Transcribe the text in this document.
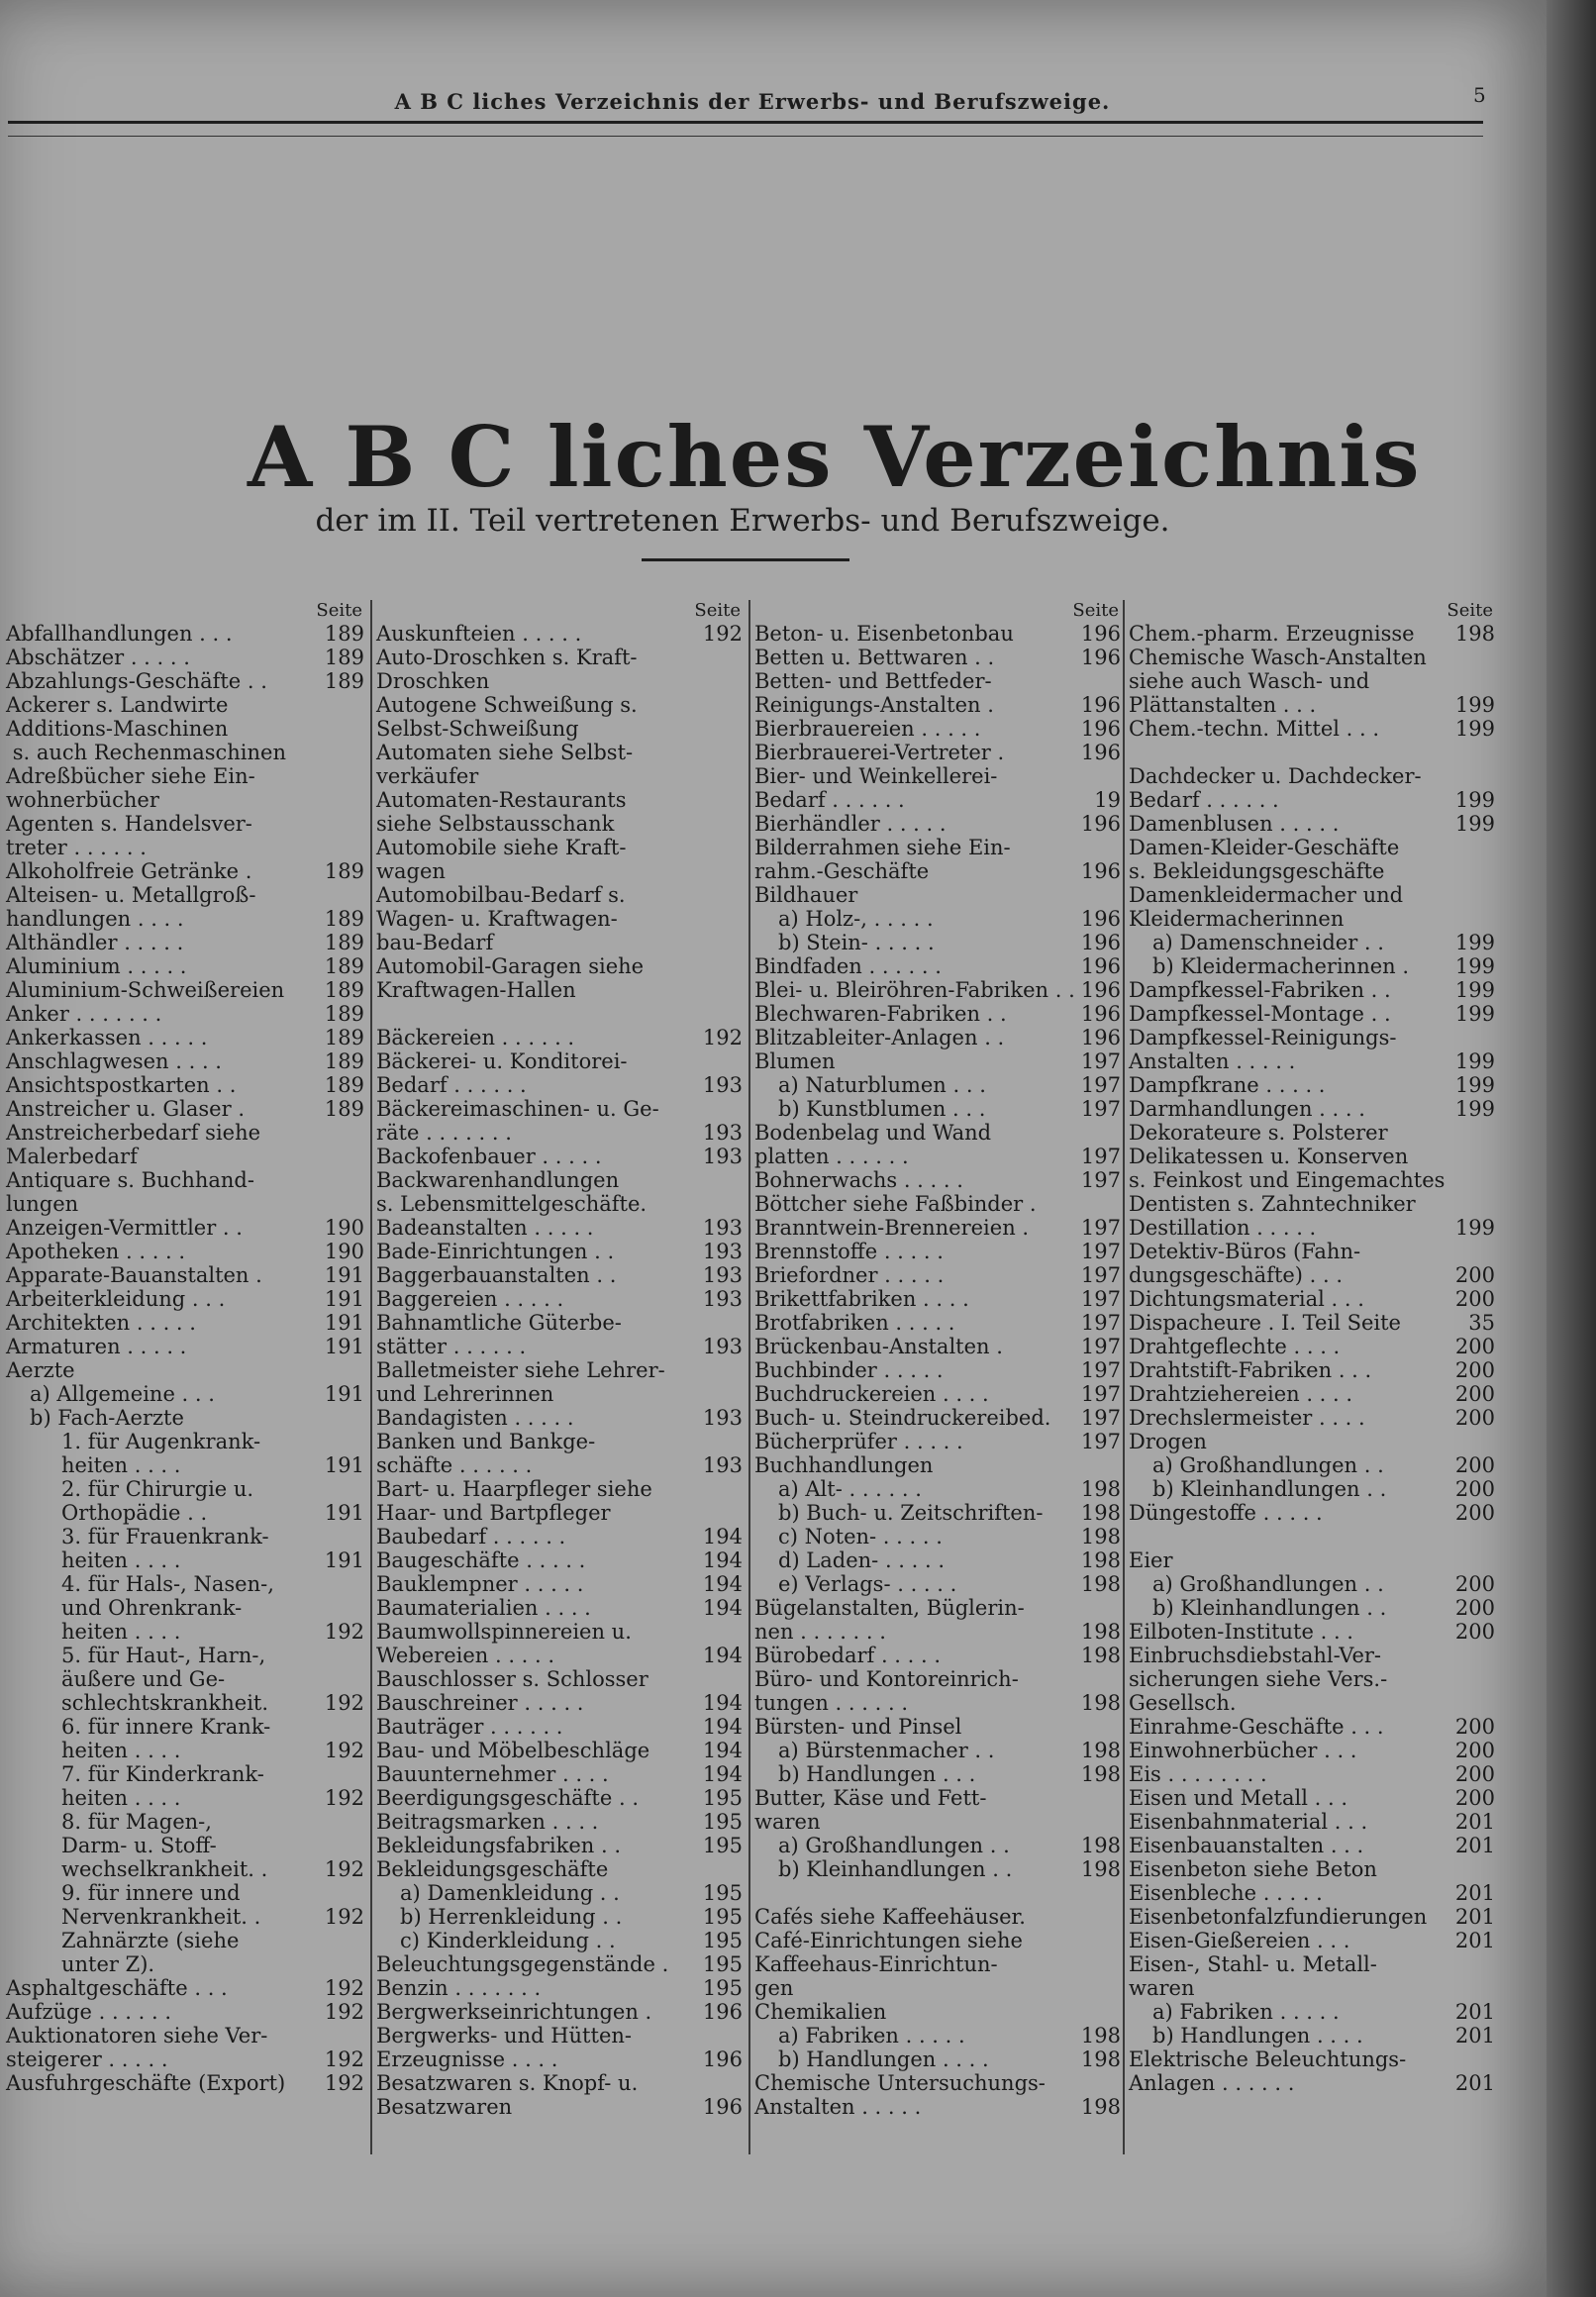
A B C liches Verzeichnis der Erwerbs- und Berufszweige.	5
A B C liches Verzeichnis
der im II. Teil vertretenen Erwerbs- und Berufszweige.
Seite
Abfallhandlungen . . .	189
Abschätzer . . . . .	189
Abzahlungs-Geschäfte . .	189
Ackerer s. Landwirte
Additions-Maschinen
s. auch Rechenmaschinen
Adreßbücher siehe Ein-
wohnerbücher
Agenten s. Handelsver-
treter . . . . . .
Alkoholfreie Getränke .	189
Alteisen- u. Metallgroß-
handlungen . . . .	189
Althändler . . . . .	189
Aluminium . . . . .	189
Aluminium-Schweißereien	189
Anker . . . . . . .	189
Ankerkassen . . . . .	189
Anschlagwesen . . . .	189
Ansichtspostkarten . .	189
Anstreicher u. Glaser .	189
Anstreicherbedarf siehe
Malerbedarf
Antiquare s. Buchhand-
lungen
Anzeigen-Vermittler . .	190
Apotheken . . . . .	190
Apparate-Bauanstalten .	191
Arbeiterkleidung . . .	191
Architekten . . . . .	191
Armaturen . . . . .	191
Aerzte
a) Allgemeine . . .	191
b) Fach-Aerzte
1. für Augenkrank-
heiten . . . .	191
2. für Chirurgie u.
Orthopädie . .	191
3. für Frauenkrank-
heiten . . . .	191
4. für Hals-, Nasen-,
und Ohrenkrank-
heiten . . . .	192
5. für Haut-, Harn-,
äußere und Ge-
schlechtskrankheit.	192
6. für innere Krank-
heiten . . . .	192
7. für Kinderkrank-
heiten . . . .	192
8. für Magen-,
Darm- u. Stoff-
wechselkrankheit. .	192
9. für innere und
Nervenkrankheit. .	192
Zahnärzte (siehe
unter Z).
Asphaltgeschäfte . . .	192
Aufzüge . . . . . .	192
Auktionatoren siehe Ver-
steigerer . . . . .	192
Ausfuhrgeschäfte (Export)	192
Seite
Auskunfteien . . . . .	192
Auto-Droschken s. Kraft-
Droschken
Autogene Schweißung s.
Selbst-Schweißung
Automaten siehe Selbst-
verkäufer
Automaten-Restaurants
siehe Selbstausschank
Automobile siehe Kraft-
wagen
Automobilbau-Bedarf s.
Wagen- u. Kraftwagen-
bau-Bedarf
Automobil-Garagen siehe
Kraftwagen-Hallen
Bäckereien . . . . . .	192
Bäckerei- u. Konditorei-
Bedarf . . . . . .	193
Bäckereimaschinen- u. Ge-
räte . . . . . . .	193
Backofenbauer . . . . .	193
Backwarenhandlungen
s. Lebensmittelgeschäfte.
Badeanstalten . . . . .	193
Bade-Einrichtungen . .	193
Baggerbauanstalten . .	193
Baggereien . . . . .	193
Bahnamtliche Güterbe-
stätter . . . . . .	193
Balletmeister siehe Lehrer-
und Lehrerinnen
Bandagisten . . . . .	193
Banken und Bankge-
schäfte . . . . . .	193
Bart- u. Haarpfleger siehe
Haar- und Bartpfleger
Baubedarf . . . . . .	194
Baugeschäfte . . . . .	194
Bauklempner . . . . .	194
Baumaterialien . . . .	194
Baumwollspinnereien u.
Webereien . . . . .	194
Bauschlosser s. Schlosser
Bauschreiner . . . . .	194
Bauträger . . . . . .	194
Bau- und Möbelbeschläge	194
Bauunternehmer . . . .	194
Beerdigungsgeschäfte . .	195
Beitragsmarken . . . .	195
Bekleidungsfabriken . .	195
Bekleidungsgeschäfte
a) Damenkleidung . .	195
b) Herrenkleidung . .	195
c) Kinderkleidung . .	195
Beleuchtungsgegenstände .	195
Benzin . . . . . . .	195
Bergwerkseinrichtungen .	196
Bergwerks- und Hütten-
Erzeugnisse . . . .	196
Besatzwaren s. Knopf- u.
Besatzwaren	196
Seite
Beton- u. Eisenbetonbau	196
Betten u. Bettwaren . .	196
Betten- und Bettfeder-
Reinigungs-Anstalten .	196
Bierbrauereien . . . . .	196
Bierbrauerei-Vertreter .	196
Bier- und Weinkellerei-
Bedarf . . . . . .	19
Bierhändler . . . . .	196
Bilderrahmen siehe Ein-
rahm.-Geschäfte	196
Bildhauer
a) Holz-, . . . . .	196
b) Stein- . . . . .	196
Bindfaden . . . . . .	196
Blei- u. Bleiröhren-Fabriken . . 196
Blechwaren-Fabriken . .	196
Blitzableiter-Anlagen . .	196
Blumen	197
a) Naturblumen . . .	197
b) Kunstblumen . . .	197
Bodenbelag und Wand
platten . . . . . .	197
Bohnerwachs . . . . .	197
Böttcher siehe Faßbinder .
Branntwein-Brennereien .	197
Brennstoffe . . . . .	197
Briefordner . . . . .	197
Brikettfabriken . . . .	197
Brotfabriken . . . . .	197
Brückenbau-Anstalten .	197
Buchbinder . . . . .	197
Buchdruckereien . . . .	197
Buch- u. Steindruckereibed.	197
Bücherprüfer . . . . .	197
Buchhandlungen
a) Alt- . . . . . .	198
b) Buch- u. Zeitschriften-	198
c) Noten- . . . . .	198
d) Laden- . . . . .	198
e) Verlags- . . . . .	198
Bügelanstalten, Büglerin-
nen . . . . . . .	198
Bürobedarf . . . . .	198
Büro- und Kontoreinrich-
tungen . . . . . .	198
Bürsten- und Pinsel
a) Bürstenmacher . .	198
b) Handlungen . . .	198
Butter, Käse und Fett-
waren
a) Großhandlungen . .	198
b) Kleinhandlungen . .	198
Cafés siehe Kaffeehäuser.
Café-Einrichtungen siehe
Kaffeehaus-Einrichtun-
gen
Chemikalien
a) Fabriken . . . . .	198
b) Handlungen . . . .	198
Chemische Untersuchungs-
Anstalten . . . . .	198
Seite
Chem.-pharm. Erzeugnisse	198
Chemische Wasch-Anstalten
siehe auch Wasch- und
Plättanstalten . . .	199
Chem.-techn. Mittel . . .	199
Dachdecker u. Dachdecker-
Bedarf . . . . . .	199
Damenblusen . . . . .	199
Damen-Kleider-Geschäfte
s. Bekleidungsgeschäfte
Damenkleidermacher und
Kleidermacherinnen
a) Damenschneider . .	199
b) Kleidermacherinnen .	199
Dampfkessel-Fabriken . .	199
Dampfkessel-Montage . .	199
Dampfkessel-Reinigungs-
Anstalten . . . . .	199
Dampfkrane . . . . .	199
Darmhandlungen . . . .	199
Dekorateure s. Polsterer
Delikatessen u. Konserven
s. Feinkost und Eingemachtes
Dentisten s. Zahntechniker
Destillation . . . . .	199
Detektiv-Büros (Fahn-
dungsgeschäfte) . . .	200
Dichtungsmaterial . . .	200
Dispacheure . I. Teil Seite	35
Drahtgeflechte . . . .	200
Drahtstift-Fabriken . . .	200
Drahtziehereien . . . .	200
Drechslermeister . . . .	200
Drogen
a) Großhandlungen . .	200
b) Kleinhandlungen . .	200
Düngestoffe . . . . .	200
Eier
a) Großhandlungen . .	200
b) Kleinhandlungen . .	200
Eilboten-Institute . . .	200
Einbruchsdiebstahl-Ver-
sicherungen siehe Vers.-
Gesellsch.
Einrahme-Geschäfte . . .	200
Einwohnerbücher . . .	200
Eis . . . . . . . .	200
Eisen und Metall . . .	200
Eisenbahnmaterial . . .	201
Eisenbauanstalten . . .	201
Eisenbeton siehe Beton
Eisenbleche . . . . .	201
Eisenbetonfalzfundierungen	201
Eisen-Gießereien . . .	201
Eisen-, Stahl- u. Metall-
waren
a) Fabriken . . . . .	201
b) Handlungen . . . .	201
Elektrische Beleuchtungs-
Anlagen . . . . . .	201
